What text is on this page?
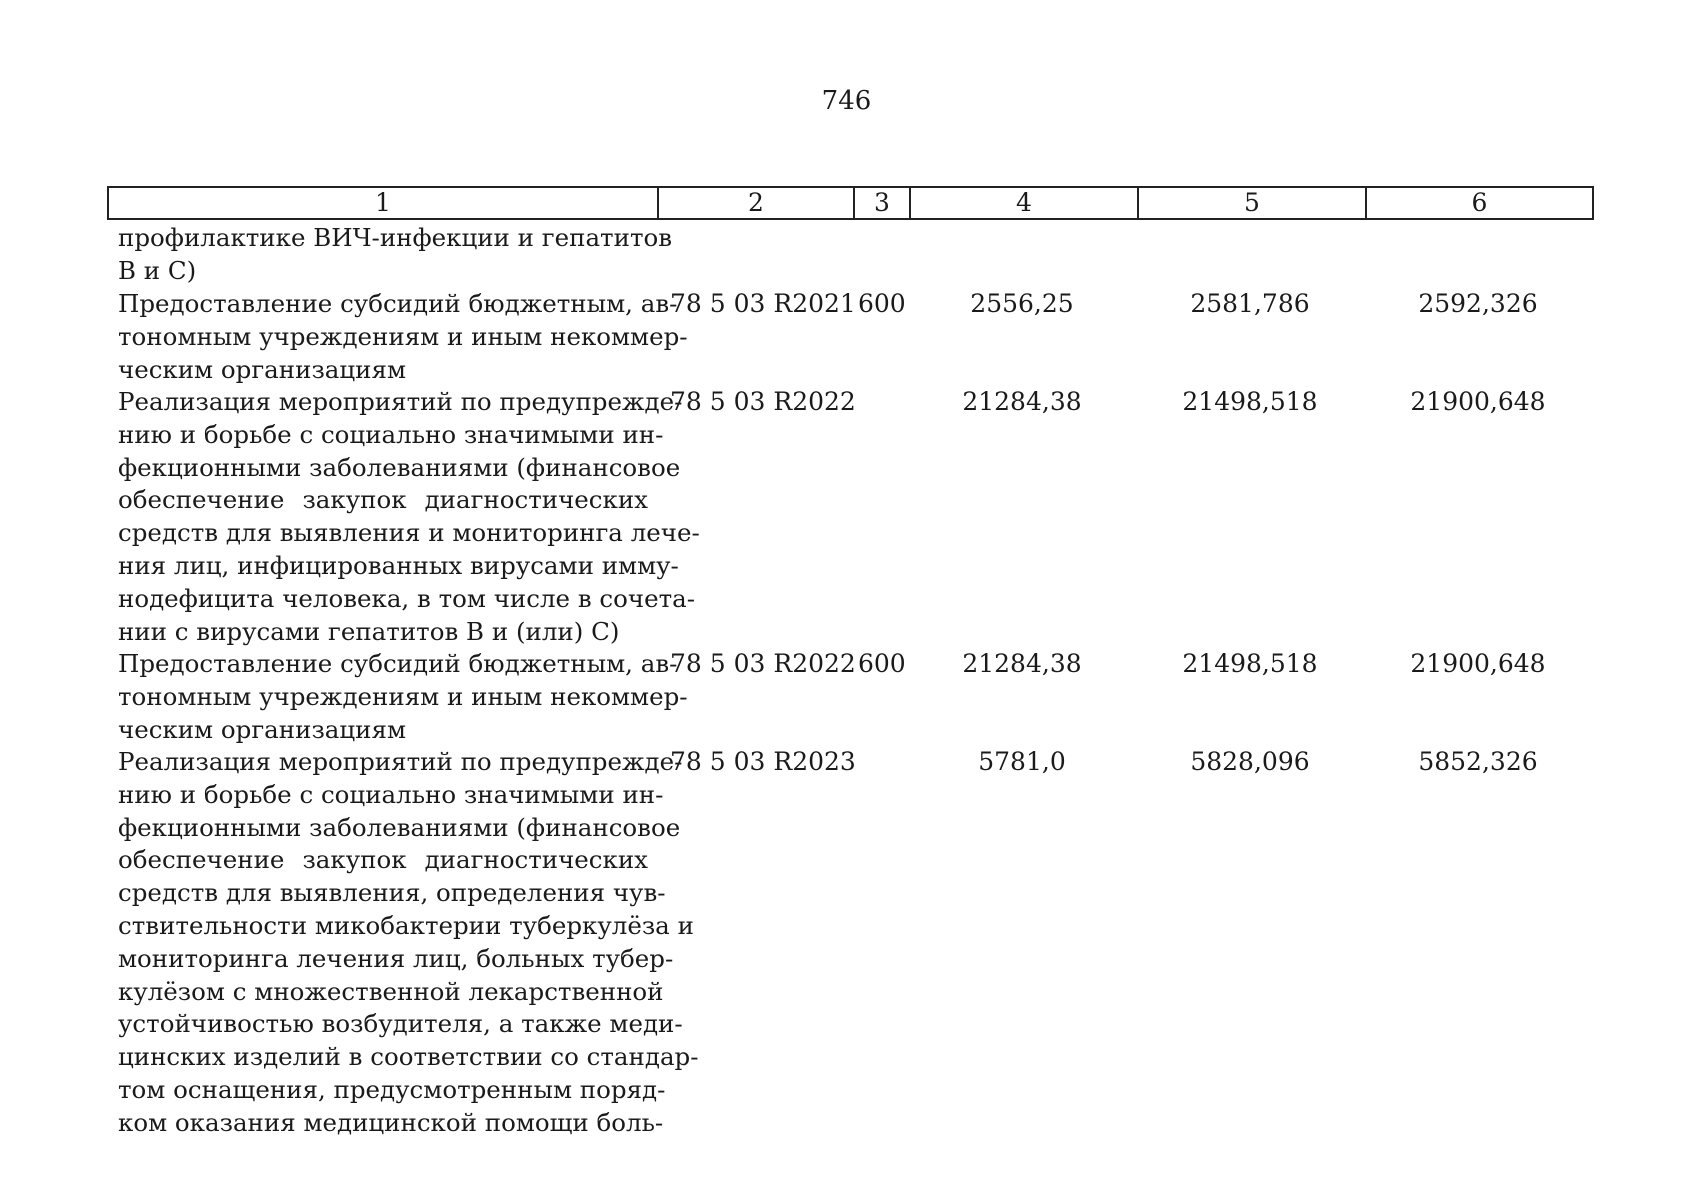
746
1	2	3	4	5	6
профилактике ВИЧ-инфекции и гепатитов
В и С)
Предоставление субсидий бюджетным, ав-
тономным учреждениям и иным некоммер-
ческим организациям
78 5 03 R2021 600	2556,25	2581,786	2592,326
Реализация мероприятий по предупрежде-
нию и борьбе с социально значимыми ин-
фекционными заболеваниями (финансовое
обеспечение закупок диагностических
средств для выявления и мониторинга лече-
ния лиц, инфицированных вирусами имму-
нодефицита человека, в том числе в сочета-
нии с вирусами гепатитов В и (или) С)
78 5 03 R2022	21284,38	21498,518	21900,648
Предоставление субсидий бюджетным, ав-
тономным учреждениям и иным некоммер-
ческим организациям
78 5 03 R2022 600	21284,38	21498,518	21900,648
Реализация мероприятий по предупрежде-
нию и борьбе с социально значимыми ин-
фекционными заболеваниями (финансовое
обеспечение закупок диагностических
средств для выявления, определения чув-
ствительности микобактерии туберкулёза и
мониторинга лечения лиц, больных тубер-
кулёзом с множественной лекарственной
устойчивостью возбудителя, а также меди-
цинских изделий в соответствии со стандар-
том оснащения, предусмотренным поряд-
ком оказания медицинской помощи боль-
78 5 03 R2023	5781,0	5828,096	5852,326
